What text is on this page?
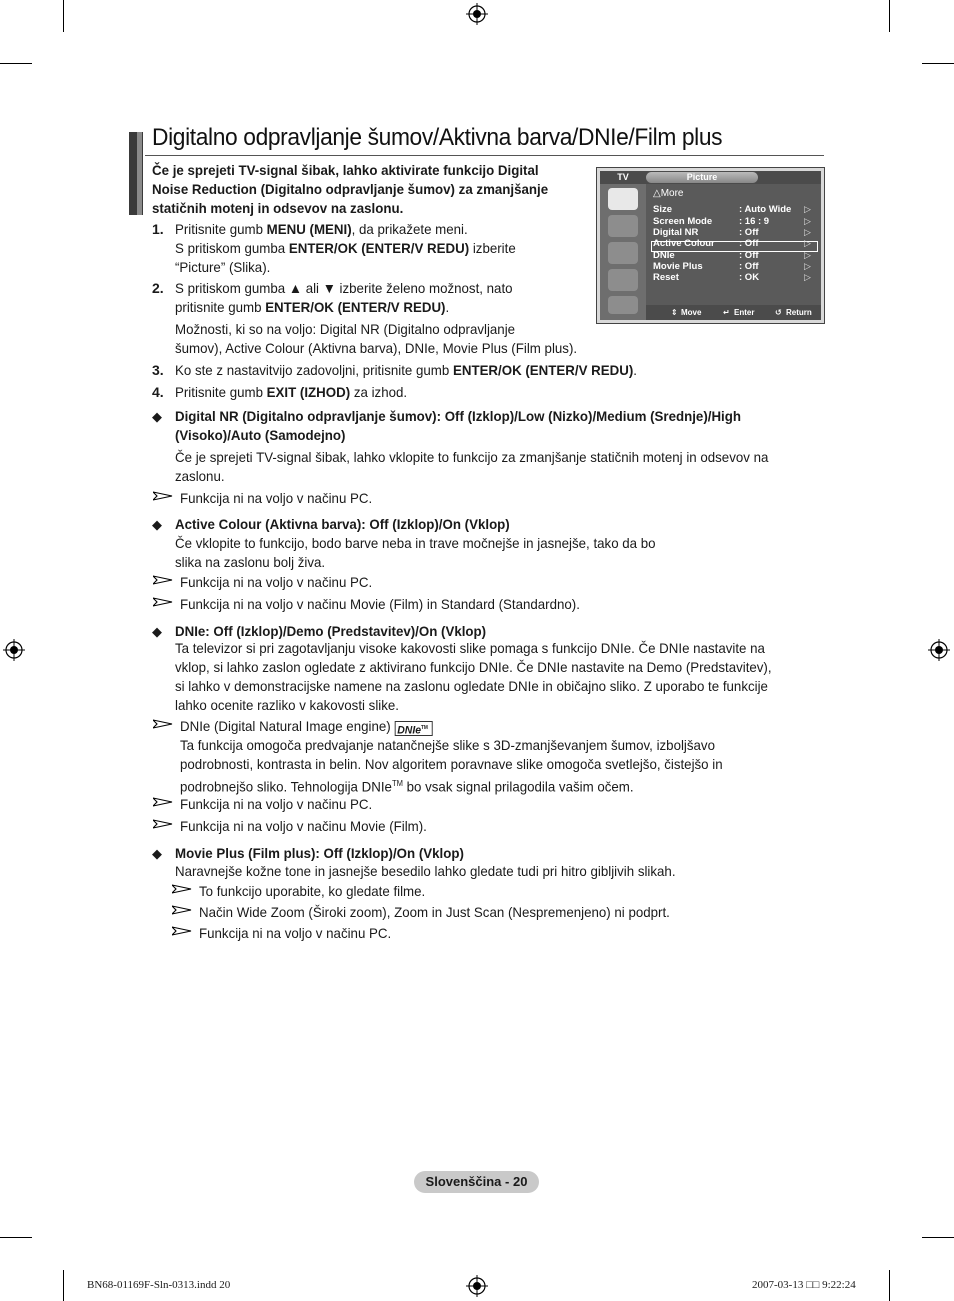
Digitalno odpravljanje šumov/Aktivna barva/DNIe/Film plus
Če je sprejeti TV-signal šibak, lahko aktivirate funkcijo Digital
Noise Reduction (Digitalno odpravljanje šumov) za zmanjšanje
statičnih motenj in odsevov na zaslonu.
1. Pritisnite gumb MENU (MENI), da prikažete meni.
S pritiskom gumba ENTER/OK (ENTER/V REDU) izberite
“Picture” (Slika).
2. S pritiskom gumba ▲ ali ▼ izberite želeno možnost, nato
pritisnite gumb ENTER/OK (ENTER/V REDU).
Možnosti, ki so na voljo: Digital NR (Digitalno odpravljanje
šumov), Active Colour (Aktivna barva), DNIe, Movie Plus (Film plus).
3. Ko ste z nastavitvijo zadovoljni, pritisnite gumb ENTER/OK (ENTER/V REDU).
4. Pritisnite gumb EXIT (IZHOD) za izhod.
◆ Digital NR (Digitalno odpravljanje šumov): Off (Izklop)/Low (Nizko)/Medium (Srednje)/High
(Visoko)/Auto (Samodejno)
Če je sprejeti TV-signal šibak, lahko vklopite to funkcijo za zmanjšanje statičnih motenj in odsevov na
zaslonu.
Funkcija ni na voljo v načinu PC.
◆ Active Colour (Aktivna barva): Off (Izklop)/On (Vklop)
Če vklopite to funkcijo, bodo barve neba in trave močnejše in jasnejše, tako da bo
slika na zaslonu bolj živa.
Funkcija ni na voljo v načinu PC.
Funkcija ni na voljo v načinu Movie (Film) in Standard (Standardno).
◆ DNIe: Off (Izklop)/Demo (Predstavitev)/On (Vklop)
Ta televizor si pri zagotavljanju visoke kakovosti slike pomaga s funkcijo DNIe. Če DNIe nastavite na
vklop, si lahko zaslon ogledate z aktivirano funkcijo DNIe. Če DNIe nastavite na Demo (Predstavitev),
si lahko v demonstracijske namene na zaslonu ogledate DNIe in običajno sliko. Z uporabo te funkcije
lahko ocenite razliko v kakovosti slike.
DNIe (Digital Natural Image engine) DNIe™
Ta funkcija omogoča predvajanje natančnejše slike s 3D-zmanjševanjem šumov, izboljšavo
podrobnosti, kontrasta in belin. Nov algoritem poravnave slike omogoča svetlejšo, čistejšo in
podrobnejšo sliko. Tehnologija DNIe™ bo vsak signal prilagodila vašim očem.
Funkcija ni na voljo v načinu PC.
Funkcija ni na voljo v načinu Movie (Film).
◆ Movie Plus (Film plus): Off (Izklop)/On (Vklop)
Naravnejše kožne tone in jasnejše besedilo lahko gledate tudi pri hitro gibljivih slikah.
To funkcijo uporabite, ko gledate filme.
Način Wide Zoom (Široki zoom), Zoom in Just Scan (Nespremenjeno) ni podprt.
Funkcija ni na voljo v načinu PC.
TV	Picture
△More
Size	: Auto Wide ▷
Screen Mode	: 16 : 9	▷
Digital NR	: Off	▷
Active Colour	: Off	▷
DNIe	: Off	▷
Movie Plus	: Off	▷
Reset	: OK	▷
⇕ Move	↵ Enter	↺ Return
Slovenščina - 20
BN68-01169F-Sln-0313.indd 20	2007-03-13 □□ 9:22:24
